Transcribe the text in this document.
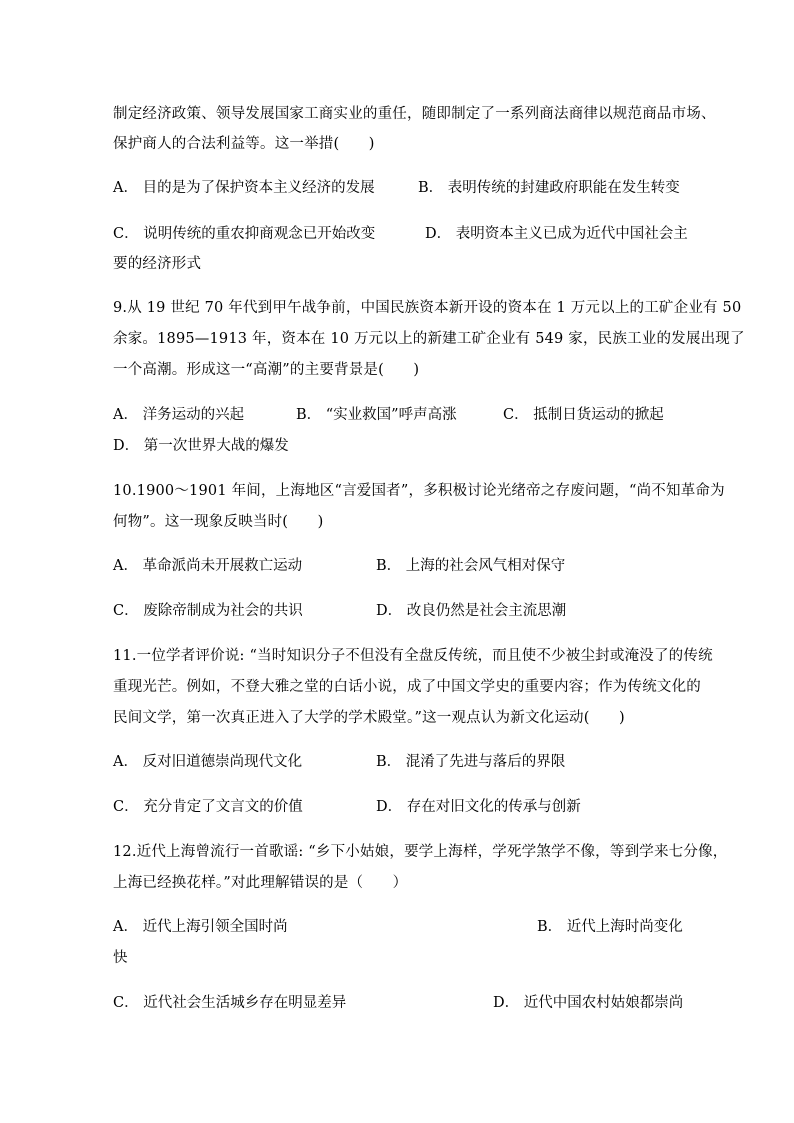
制定经济政策、领导发展国家工商实业的重任，随即制定了一系列商法商律以规范商品市场、
保护商人的合法利益等。这一举措(　　)
A． 目的是为了保护资本主义经济的发展	B． 表明传统的封建政府职能在发生转变
C． 说明传统的重农抑商观念已开始改变	D． 表明资本主义已成为近代中国社会主
要的经济形式
9.从 19 世纪 70 年代到甲午战争前，中国民族资本新开设的资本在 1 万元以上的工矿企业有 50
余家。1895—1913 年，资本在 10 万元以上的新建工矿企业有 549 家，民族工业的发展出现了
一个高潮。形成这一“高潮”的主要背景是(　　)
A． 洋务运动的兴起	B． “实业救国”呼声高涨	C． 抵制日货运动的掀起
D． 第一次世界大战的爆发
10.1900～1901 年间，上海地区“言爱国者”，多积极讨论光绪帝之存废问题，“尚不知革命为
何物”。这一现象反映当时(　　)
A． 革命派尚未开展救亡运动	B． 上海的社会风气相对保守
C． 废除帝制成为社会的共识	D． 改良仍然是社会主流思潮
11.一位学者评价说: “当时知识分子不但没有全盘反传统，而且使不少被尘封或淹没了的传统
重现光芒。例如，不登大雅之堂的白话小说，成了中国文学史的重要内容；作为传统文化的
民间文学，第一次真正进入了大学的学术殿堂。”这一观点认为新文化运动(　　)
A． 反对旧道德崇尚现代文化	B． 混淆了先进与落后的界限
C． 充分肯定了文言文的价值	D． 存在对旧文化的传承与创新
12.近代上海曾流行一首歌谣: “乡下小姑娘，要学上海样，学死学煞学不像，等到学来七分像，
上海已经换花样。”对此理解错误的是（　　）
A． 近代上海引领全国时尚	B． 近代上海时尚变化
快
C． 近代社会生活城乡存在明显差异	D． 近代中国农村姑娘都崇尚
